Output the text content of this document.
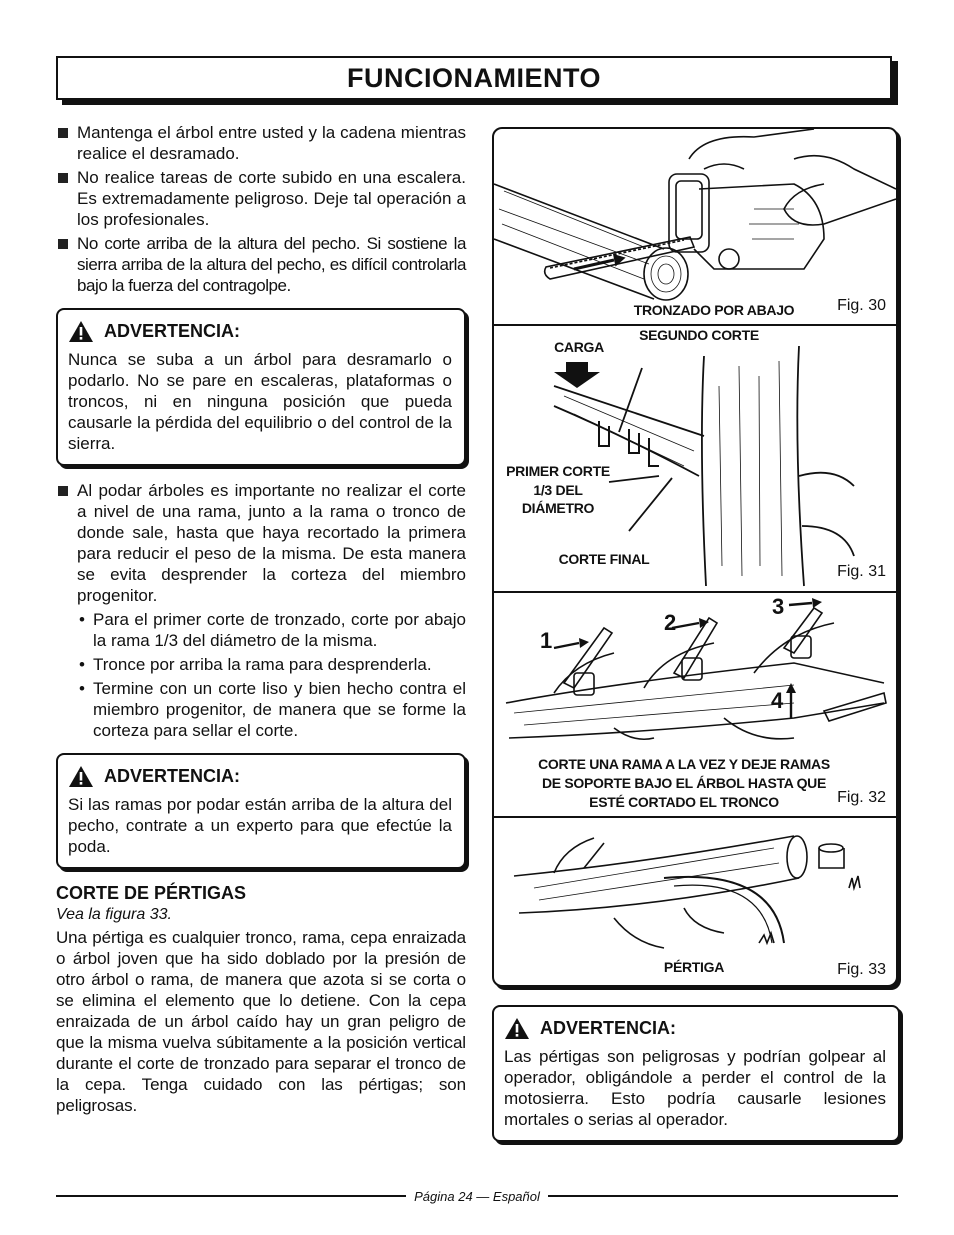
FUNCIONAMIENTO
Mantenga el árbol entre usted y la cadena mientras realice el desramado.
No realice tareas de corte subido en una escalera. Es extremadamente peligroso. Deje tal operación a los profesionales.
No corte arriba de la altura del pecho. Si sostiene la sierra arriba de la altura del pecho, es difícil controlarla bajo la fuerza del contragolpe.
ADVERTENCIA:
Nunca se suba a un árbol para desramarlo o podarlo. No se pare en escaleras, plataformas o troncos, ni en ninguna posición que pueda causarle la pérdida del equilibrio o del control de la sierra.
Al podar árboles es importante no realizar el corte a nivel de una rama, junto a la rama o tronco de donde sale, hasta que haya recortado la primera para reducir el peso de la misma. De esta manera se evita desprender la corteza del miembro progenitor.
• Para el primer corte de tronzado, corte por abajo la rama 1/3 del diámetro de la misma.
• Tronce por arriba la rama para desprenderla.
• Termine con un corte liso y bien hecho contra el miembro progenitor, de manera que se forme la corteza para sellar el corte.
ADVERTENCIA:
Si las ramas por podar están arriba de la altura del pecho, contrate a un experto para que efectúe la poda.
CORTE DE PÉRTIGAS
Vea la figura 33.
Una pértiga es cualquier tronco, rama, cepa enraizada o árbol joven que ha sido doblado por la presión de otro árbol o rama, de manera que azota si se corta o se elimina el elemento que lo detiene. Con la cepa enraizada de un árbol caído hay un gran peligro de que la misma vuelva súbitamente a la posición vertical durante el corte de tronzado para separar el tronco de la cepa. Tenga cuidado con las pértigas; son peligrosas.
TRONZADO POR ABAJO	Fig. 30
CARGA
SEGUNDO CORTE
PRIMER CORTE
1/3 DEL
DIÁMETRO
CORTE FINAL
Fig. 31
1
2
3
4
CORTE UNA RAMA A LA VEZ Y DEJE RAMAS
DE SOPORTE BAJO EL ÁRBOL HASTA QUE
ESTÉ CORTADO EL TRONCO	Fig. 32
PÉRTIGA	Fig. 33
ADVERTENCIA:
Las pértigas son peligrosas y podrían golpear al operador, obligándole a perder el control de la motosierra. Esto podría causarle lesiones mortales o serias al operador.
Página 24 — Español
